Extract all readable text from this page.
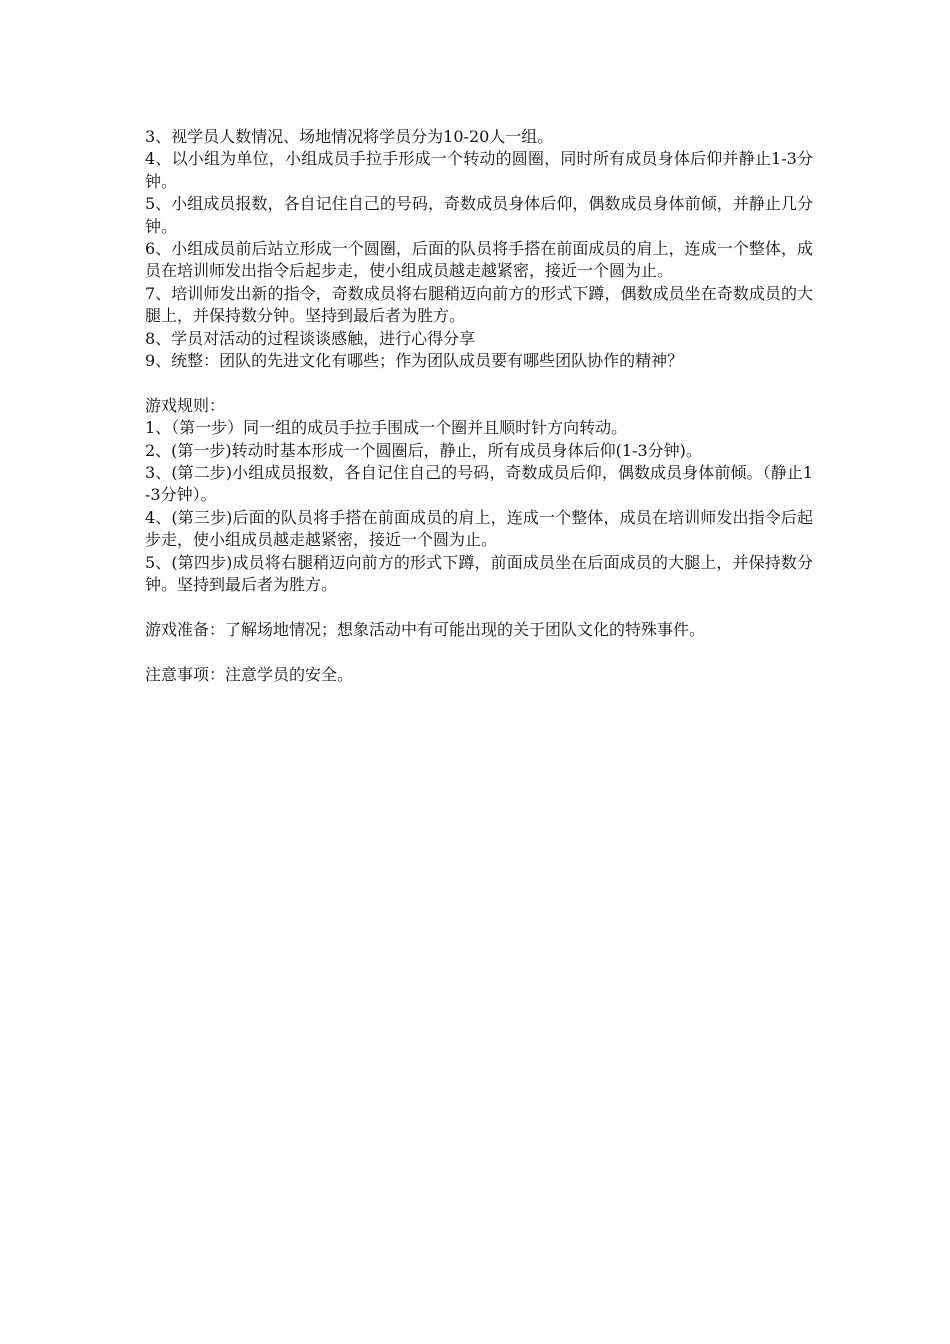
3、视学员人数情况、场地情况将学员分为10-20人一组。

4、以小组为单位，小组成员手拉手形成一个转动的圆圈，同时所有成员身体后仰并静止1-3分钟。

5、小组成员报数，各自记住自己的号码，奇数成员身体后仰，偶数成员身体前倾，并静止几分钟。

6、小组成员前后站立形成一个圆圈，后面的队员将手搭在前面成员的肩上，连成一个整体，成员在培训师发出指令后起步走，使小组成员越走越紧密，接近一个圆为止。

7、培训师发出新的指令，奇数成员将右腿稍迈向前方的形式下蹲，偶数成员坐在奇数成员的大腿上，并保持数分钟。坚持到最后者为胜方。

8、学员对活动的过程谈谈感触，进行心得分享

9、统整：团队的先进文化有哪些；作为团队成员要有哪些团队协作的精神？

游戏规则：

1、（第一步）同一组的成员手拉手围成一个圈并且顺时针方向转动。

2、(第一步)转动时基本形成一个圆圈后，静止，所有成员身体后仰(1-3分钟)。

3、(第二步)小组成员报数，各自记住自己的号码，奇数成员后仰，偶数成员身体前倾。（静止1-3分钟）。

4、(第三步)后面的队员将手搭在前面成员的肩上，连成一个整体，成员在培训师发出指令后起步走，使小组成员越走越紧密，接近一个圆为止。

5、(第四步)成员将右腿稍迈向前方的形式下蹲，前面成员坐在后面成员的大腿上，并保持数分钟。坚持到最后者为胜方。

游戏准备：了解场地情况；想象活动中有可能出现的关于团队文化的特殊事件。

注意事项：注意学员的安全。
